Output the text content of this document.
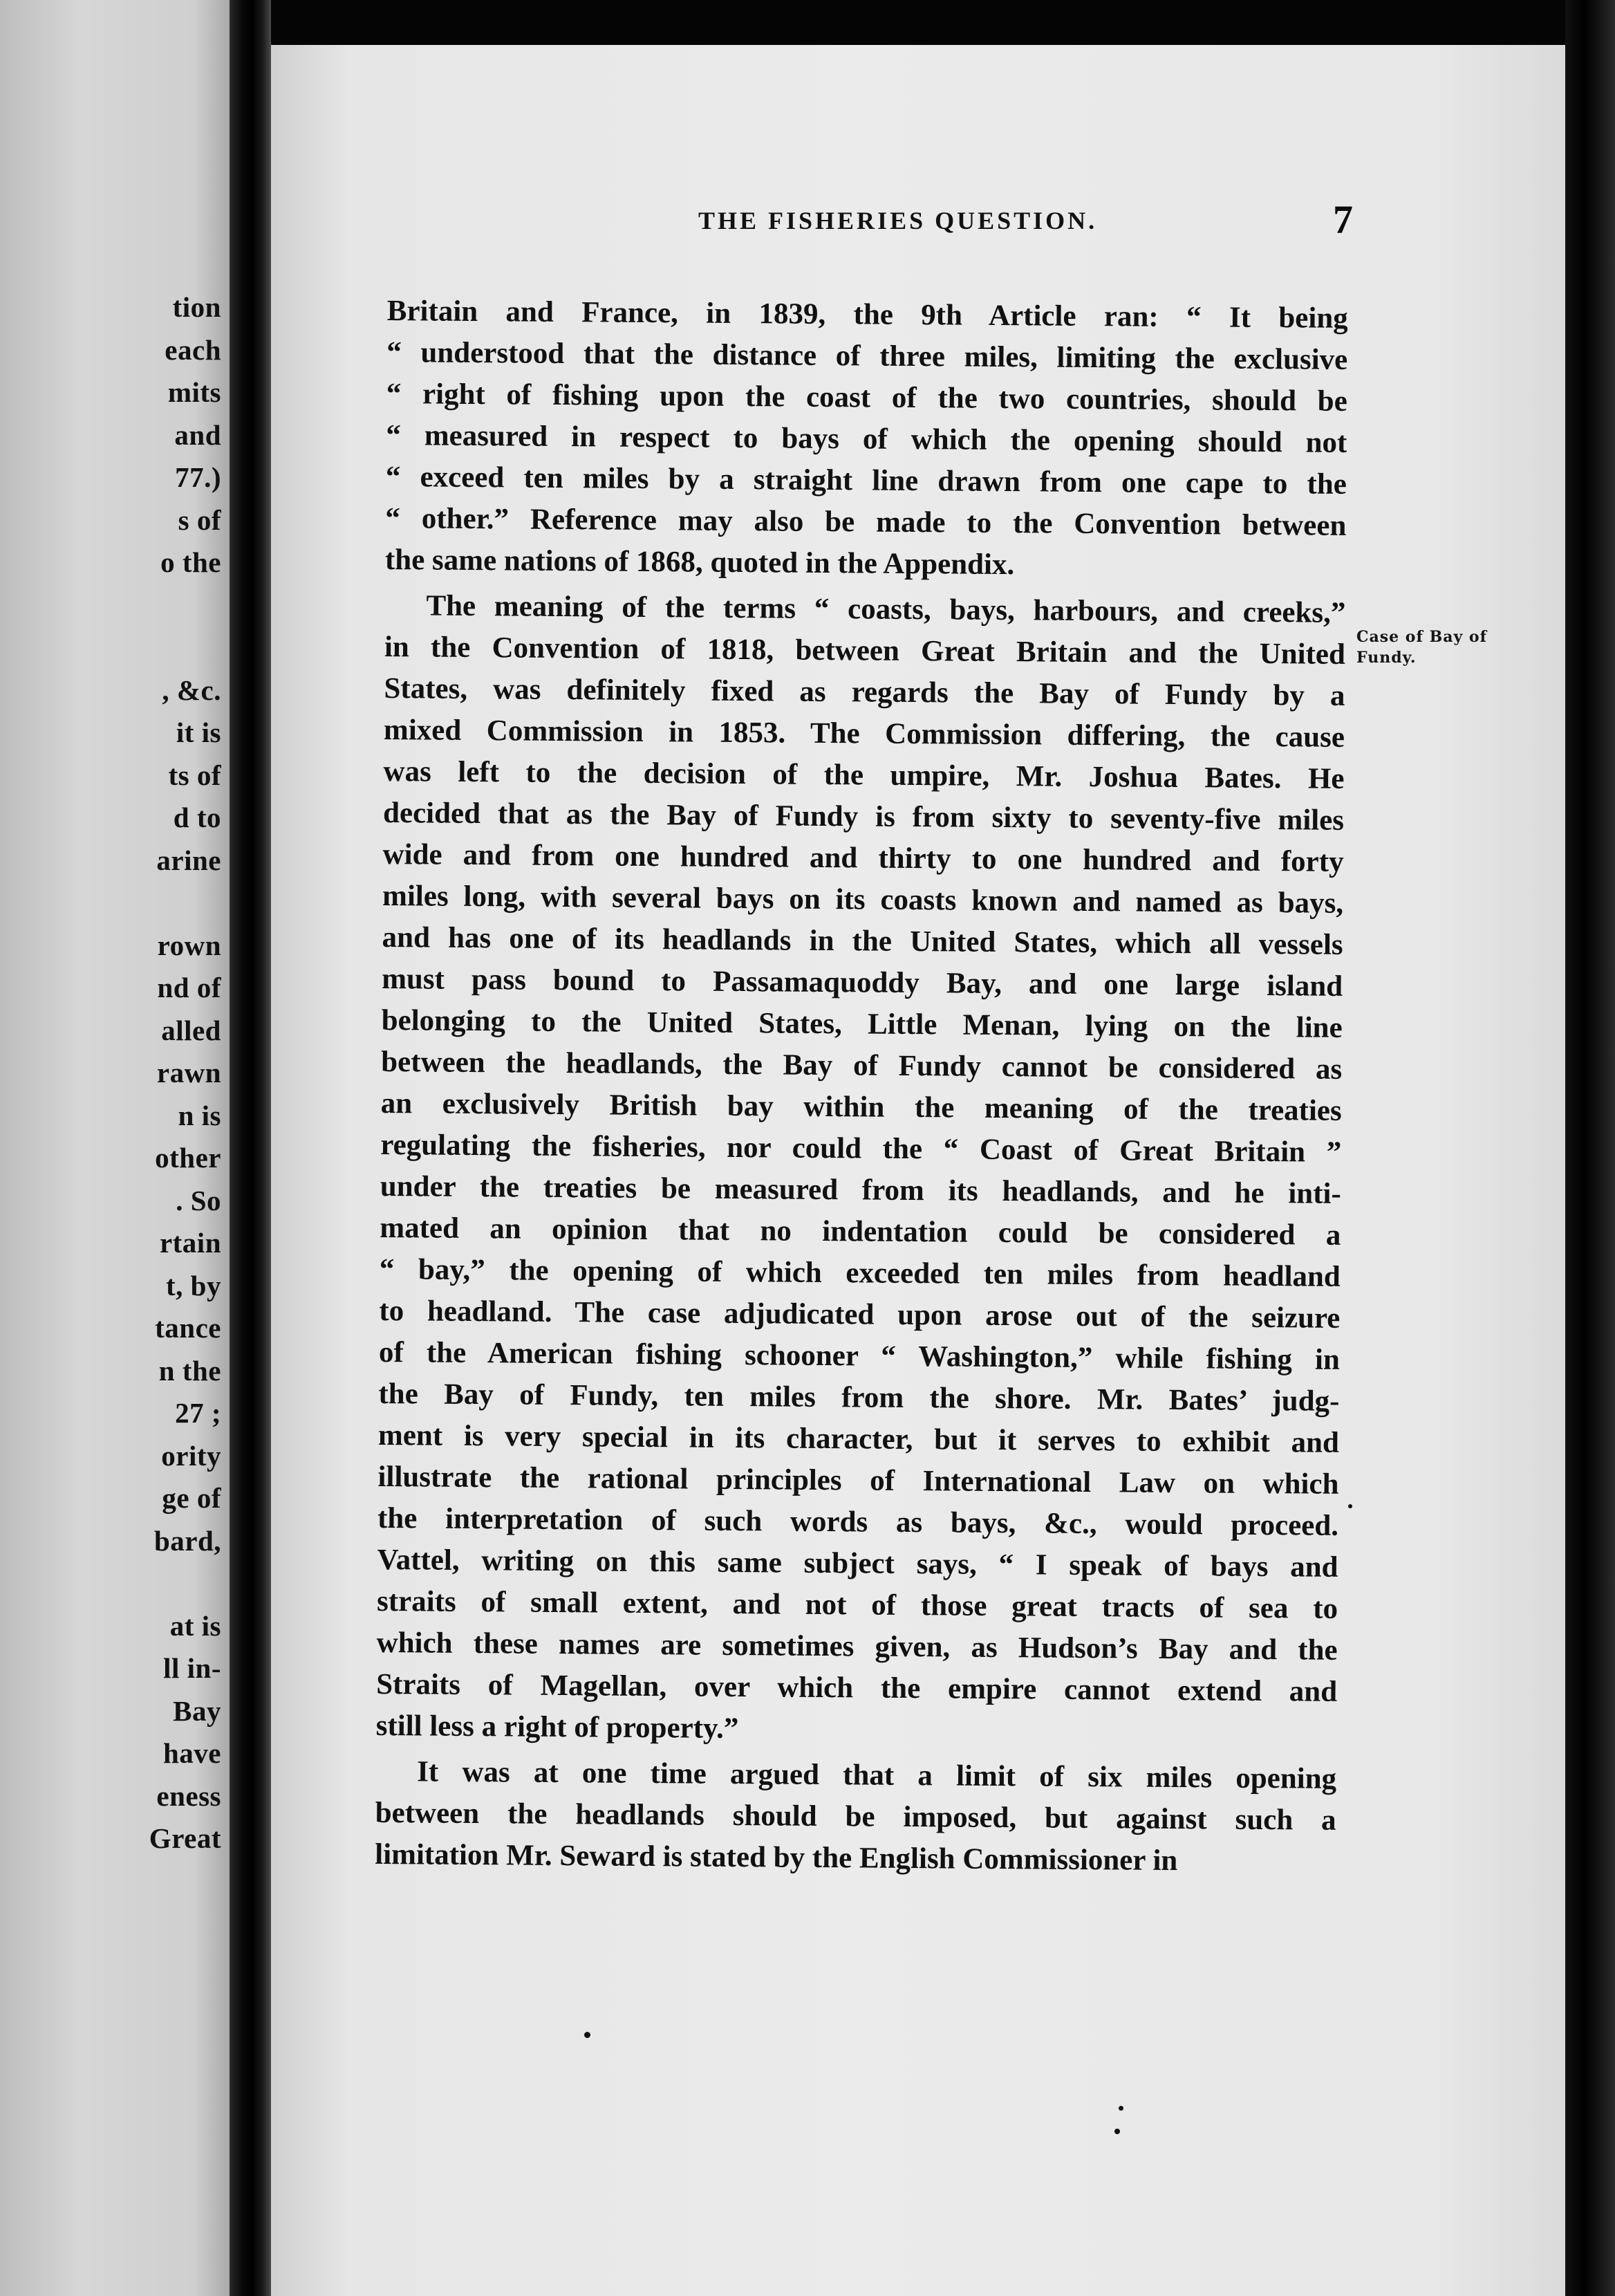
tion
each
mits
and
77.)
s of
o the
, &c.
it is
ts of
d to
arine
rown
nd of
alled
rawn
n is
other
. So
rtain
t, by
tance
n the
27 ;
ority
ge of
bard,
at is
ll in-
Bay
have
eness
Great
THE FISHERIES QUESTION.	7
Case of Bay of
Fundy.
Britain and France, in 1839, the 9th Article ran: “ It being
“ understood that the distance of three miles, limiting the exclusive
“ right of fishing upon the coast of the two countries, should be
“ measured in respect to bays of which the opening should not
“ exceed ten miles by a straight line drawn from one cape to the
“ other.” Reference may also be made to the Convention between
the same nations of 1868, quoted in the Appendix.
The meaning of the terms “ coasts, bays, harbours, and creeks,”
in the Convention of 1818, between Great Britain and the United
States, was definitely fixed as regards the Bay of Fundy by a
mixed Commission in 1853. The Commission differing, the cause
was left to the decision of the umpire, Mr. Joshua Bates. He
decided that as the Bay of Fundy is from sixty to seventy-five miles
wide and from one hundred and thirty to one hundred and forty
miles long, with several bays on its coasts known and named as bays,
and has one of its headlands in the United States, which all vessels
must pass bound to Passamaquoddy Bay, and one large island
belonging to the United States, Little Menan, lying on the line
between the headlands, the Bay of Fundy cannot be considered as
an exclusively British bay within the meaning of the treaties
regulating the fisheries, nor could the “ Coast of Great Britain ”
under the treaties be measured from its headlands, and he inti-
mated an opinion that no indentation could be considered a
“ bay,” the opening of which exceeded ten miles from headland
to headland. The case adjudicated upon arose out of the seizure
of the American fishing schooner “ Washington,” while fishing in
the Bay of Fundy, ten miles from the shore. Mr. Bates’ judg-
ment is very special in its character, but it serves to exhibit and
illustrate the rational principles of International Law on which
the interpretation of such words as bays, &c., would proceed.
Vattel, writing on this same subject says, “ I speak of bays and
straits of small extent, and not of those great tracts of sea to
which these names are sometimes given, as Hudson’s Bay and the
Straits of Magellan, over which the empire cannot extend and
still less a right of property.”
It was at one time argued that a limit of six miles opening
between the headlands should be imposed, but against such a
limitation Mr. Seward is stated by the English Commissioner in
